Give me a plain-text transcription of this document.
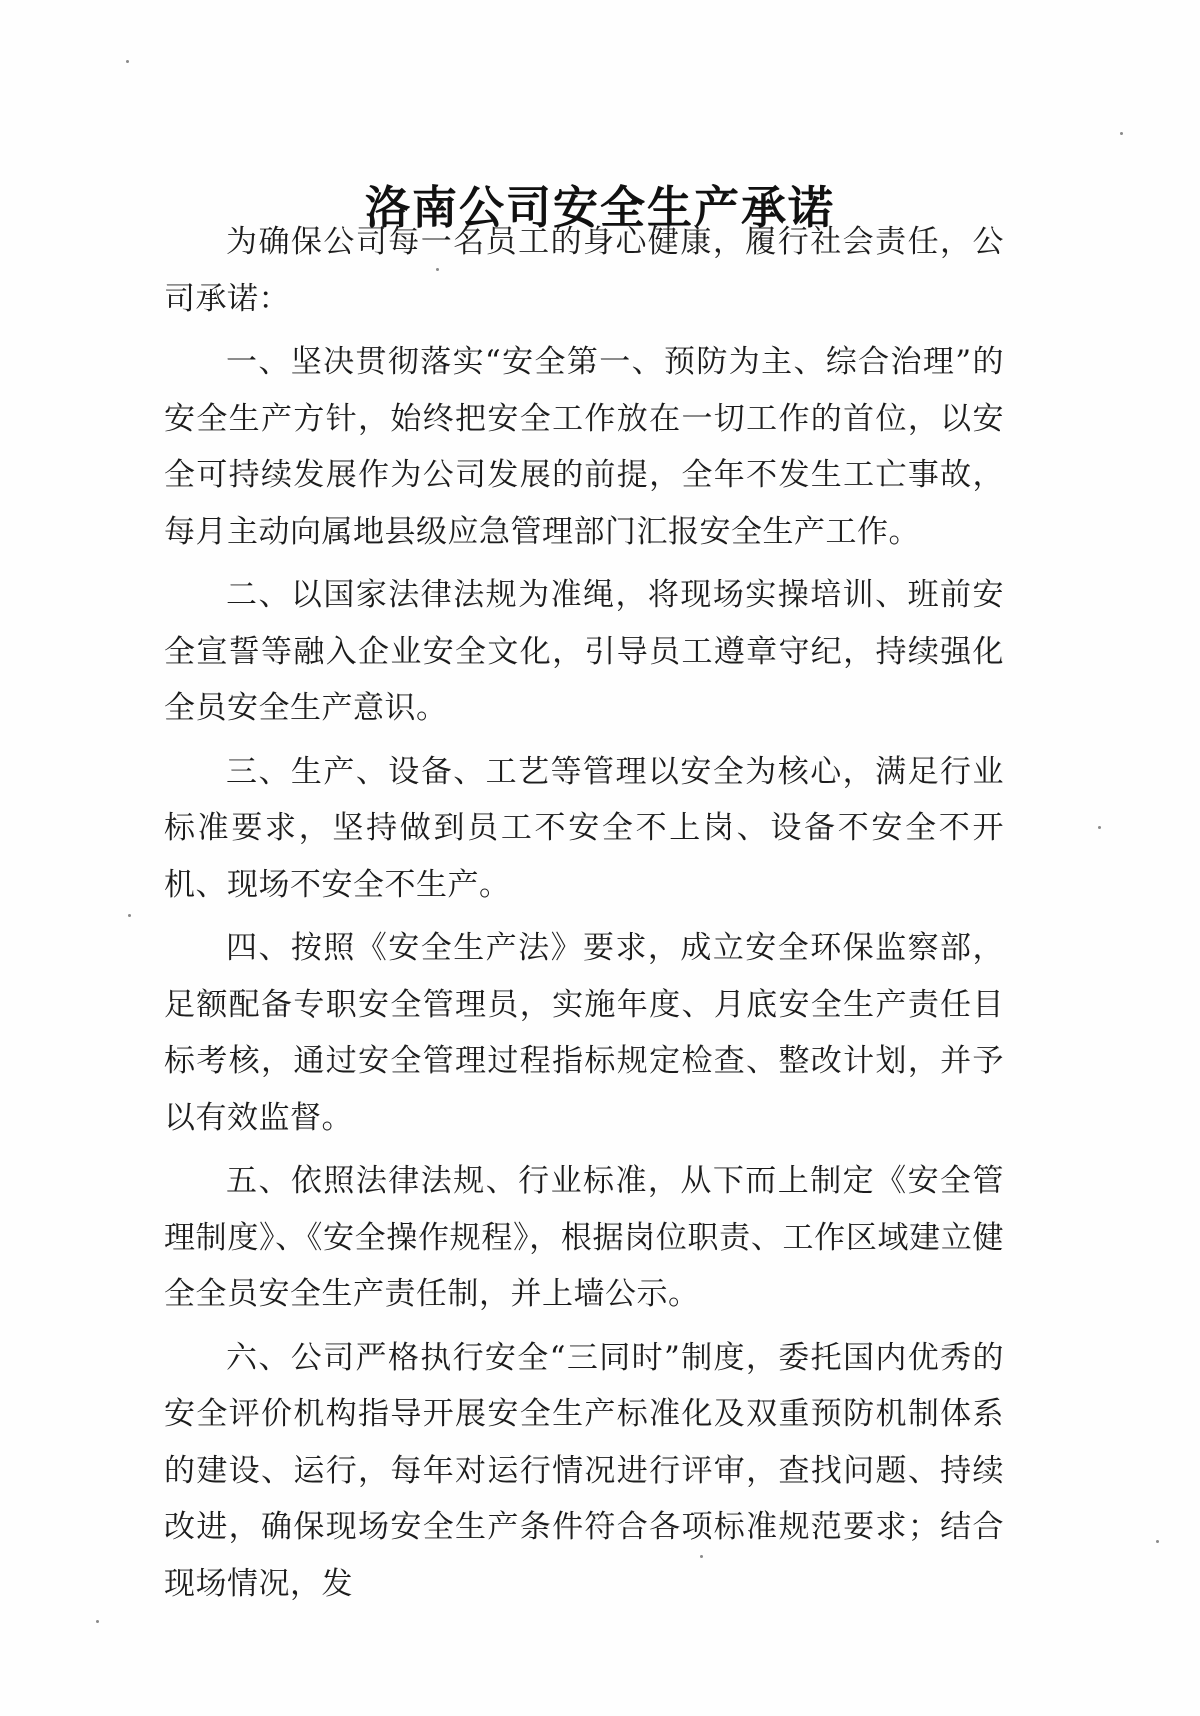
洛南公司安全生产承诺

为确保公司每一名员工的身心健康，履行社会责任，公司承诺：

一、坚决贯彻落实“安全第一、预防为主、综合治理”的安全生产方针，始终把安全工作放在一切工作的首位，以安全可持续发展作为公司发展的前提，全年不发生工亡事故，每月主动向属地县级应急管理部门汇报安全生产工作。

二、以国家法律法规为准绳，将现场实操培训、班前安全宣誓等融入企业安全文化，引导员工遵章守纪，持续强化全员安全生产意识。

三、生产、设备、工艺等管理以安全为核心，满足行业标准要求，坚持做到员工不安全不上岗、设备不安全不开机、现场不安全不生产。

四、按照《安全生产法》要求，成立安全环保监察部，足额配备专职安全管理员，实施年度、月底安全生产责任目标考核，通过安全管理过程指标规定检查、整改计划，并予以有效监督。

五、依照法律法规、行业标准，从下而上制定《安全管理制度》、《安全操作规程》，根据岗位职责、工作区域建立健全全员安全生产责任制，并上墙公示。

六、公司严格执行安全“三同时”制度，委托国内优秀的安全评价机构指导开展安全生产标准化及双重预防机制体系的建设、运行，每年对运行情况进行评审，查找问题、持续改进，确保现场安全生产条件符合各项标准规范要求；结合现场情况，发
